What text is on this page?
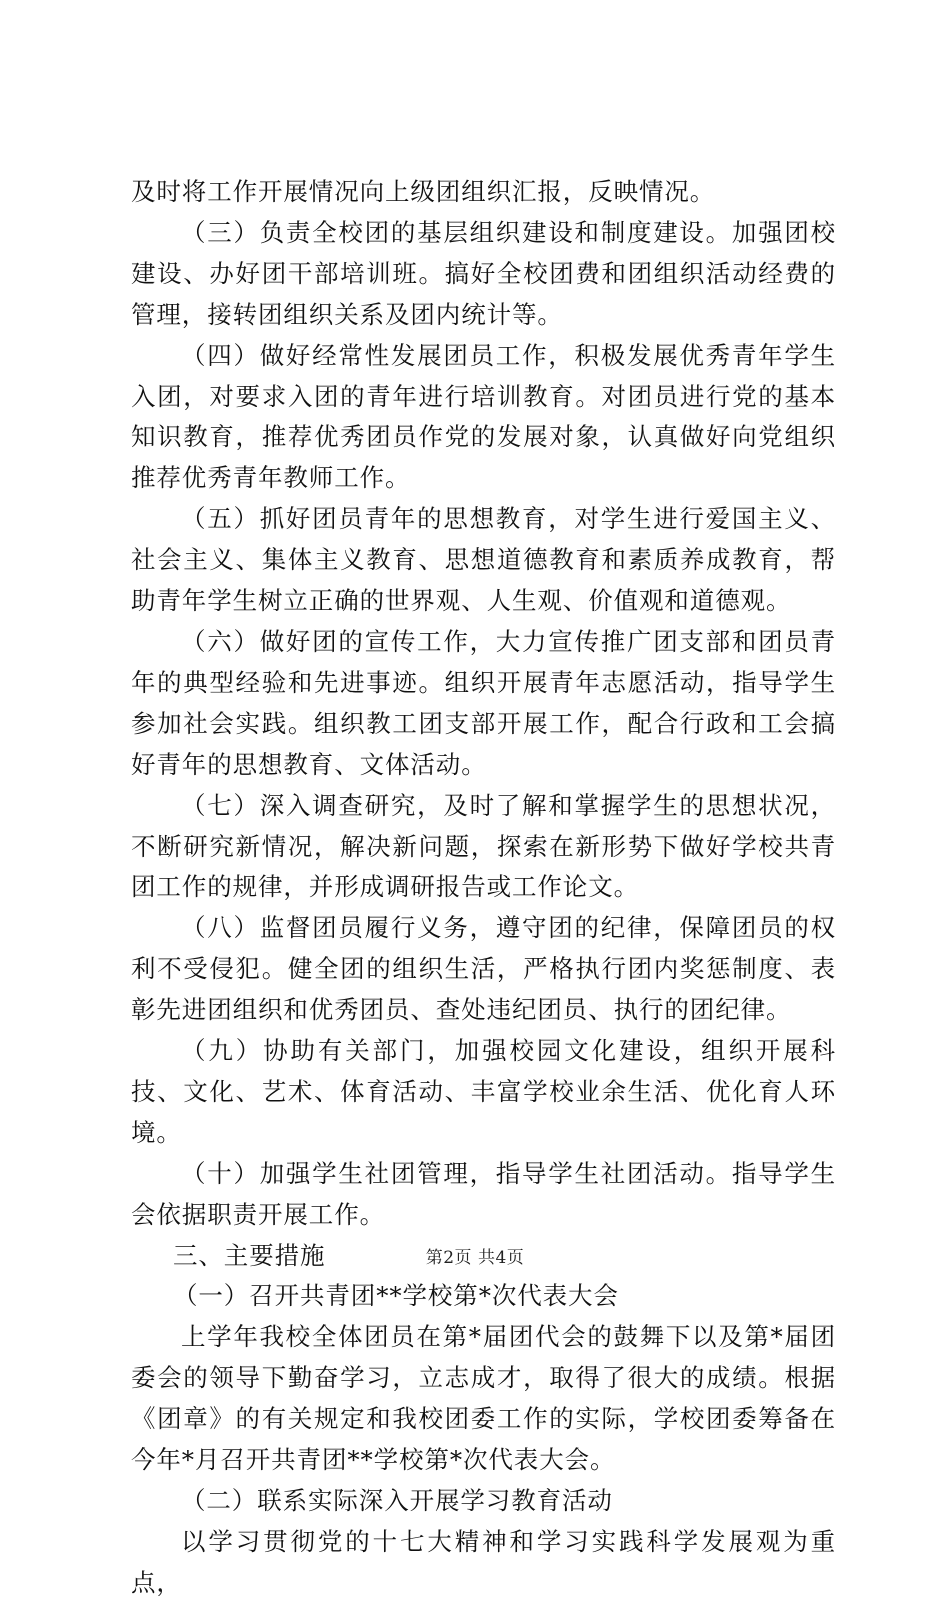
及时将工作开展情况向上级团组织汇报，反映情况。

（三）负责全校团的基层组织建设和制度建设。加强团校建设、办好团干部培训班。搞好全校团费和团组织活动经费的管理，接转团组织关系及团内统计等。

（四）做好经常性发展团员工作，积极发展优秀青年学生入团，对要求入团的青年进行培训教育。对团员进行党的基本知识教育，推荐优秀团员作党的发展对象，认真做好向党组织推荐优秀青年教师工作。

（五）抓好团员青年的思想教育，对学生进行爱国主义、社会主义、集体主义教育、思想道德教育和素质养成教育，帮助青年学生树立正确的世界观、人生观、价值观和道德观。

（六）做好团的宣传工作，大力宣传推广团支部和团员青年的典型经验和先进事迹。组织开展青年志愿活动，指导学生参加社会实践。组织教工团支部开展工作，配合行政和工会搞好青年的思想教育、文体活动。

（七）深入调查研究，及时了解和掌握学生的思想状况，不断研究新情况，解决新问题，探索在新形势下做好学校共青团工作的规律，并形成调研报告或工作论文。

（八）监督团员履行义务，遵守团的纪律，保障团员的权利不受侵犯。健全团的组织生活，严格执行团内奖惩制度、表彰先进团组织和优秀团员、查处违纪团员、执行的团纪律。

（九）协助有关部门，加强校园文化建设，组织开展科技、文化、艺术、体育活动、丰富学校业余生活、优化育人环境。

（十）加强学生社团管理，指导学生社团活动。指导学生会依据职责开展工作。

三、主要措施

（一）召开共青团**学校第*次代表大会

上学年我校全体团员在第*届团代会的鼓舞下以及第*届团委会的领导下勤奋学习，立志成才，取得了很大的成绩。根据《团章》的有关规定和我校团委工作的实际，学校团委筹备在今年*月召开共青团**学校第*次代表大会。

（二）联系实际深入开展学习教育活动

以学习贯彻党的十七大精神和学习实践科学发展观为重点，

第2页 共4页
